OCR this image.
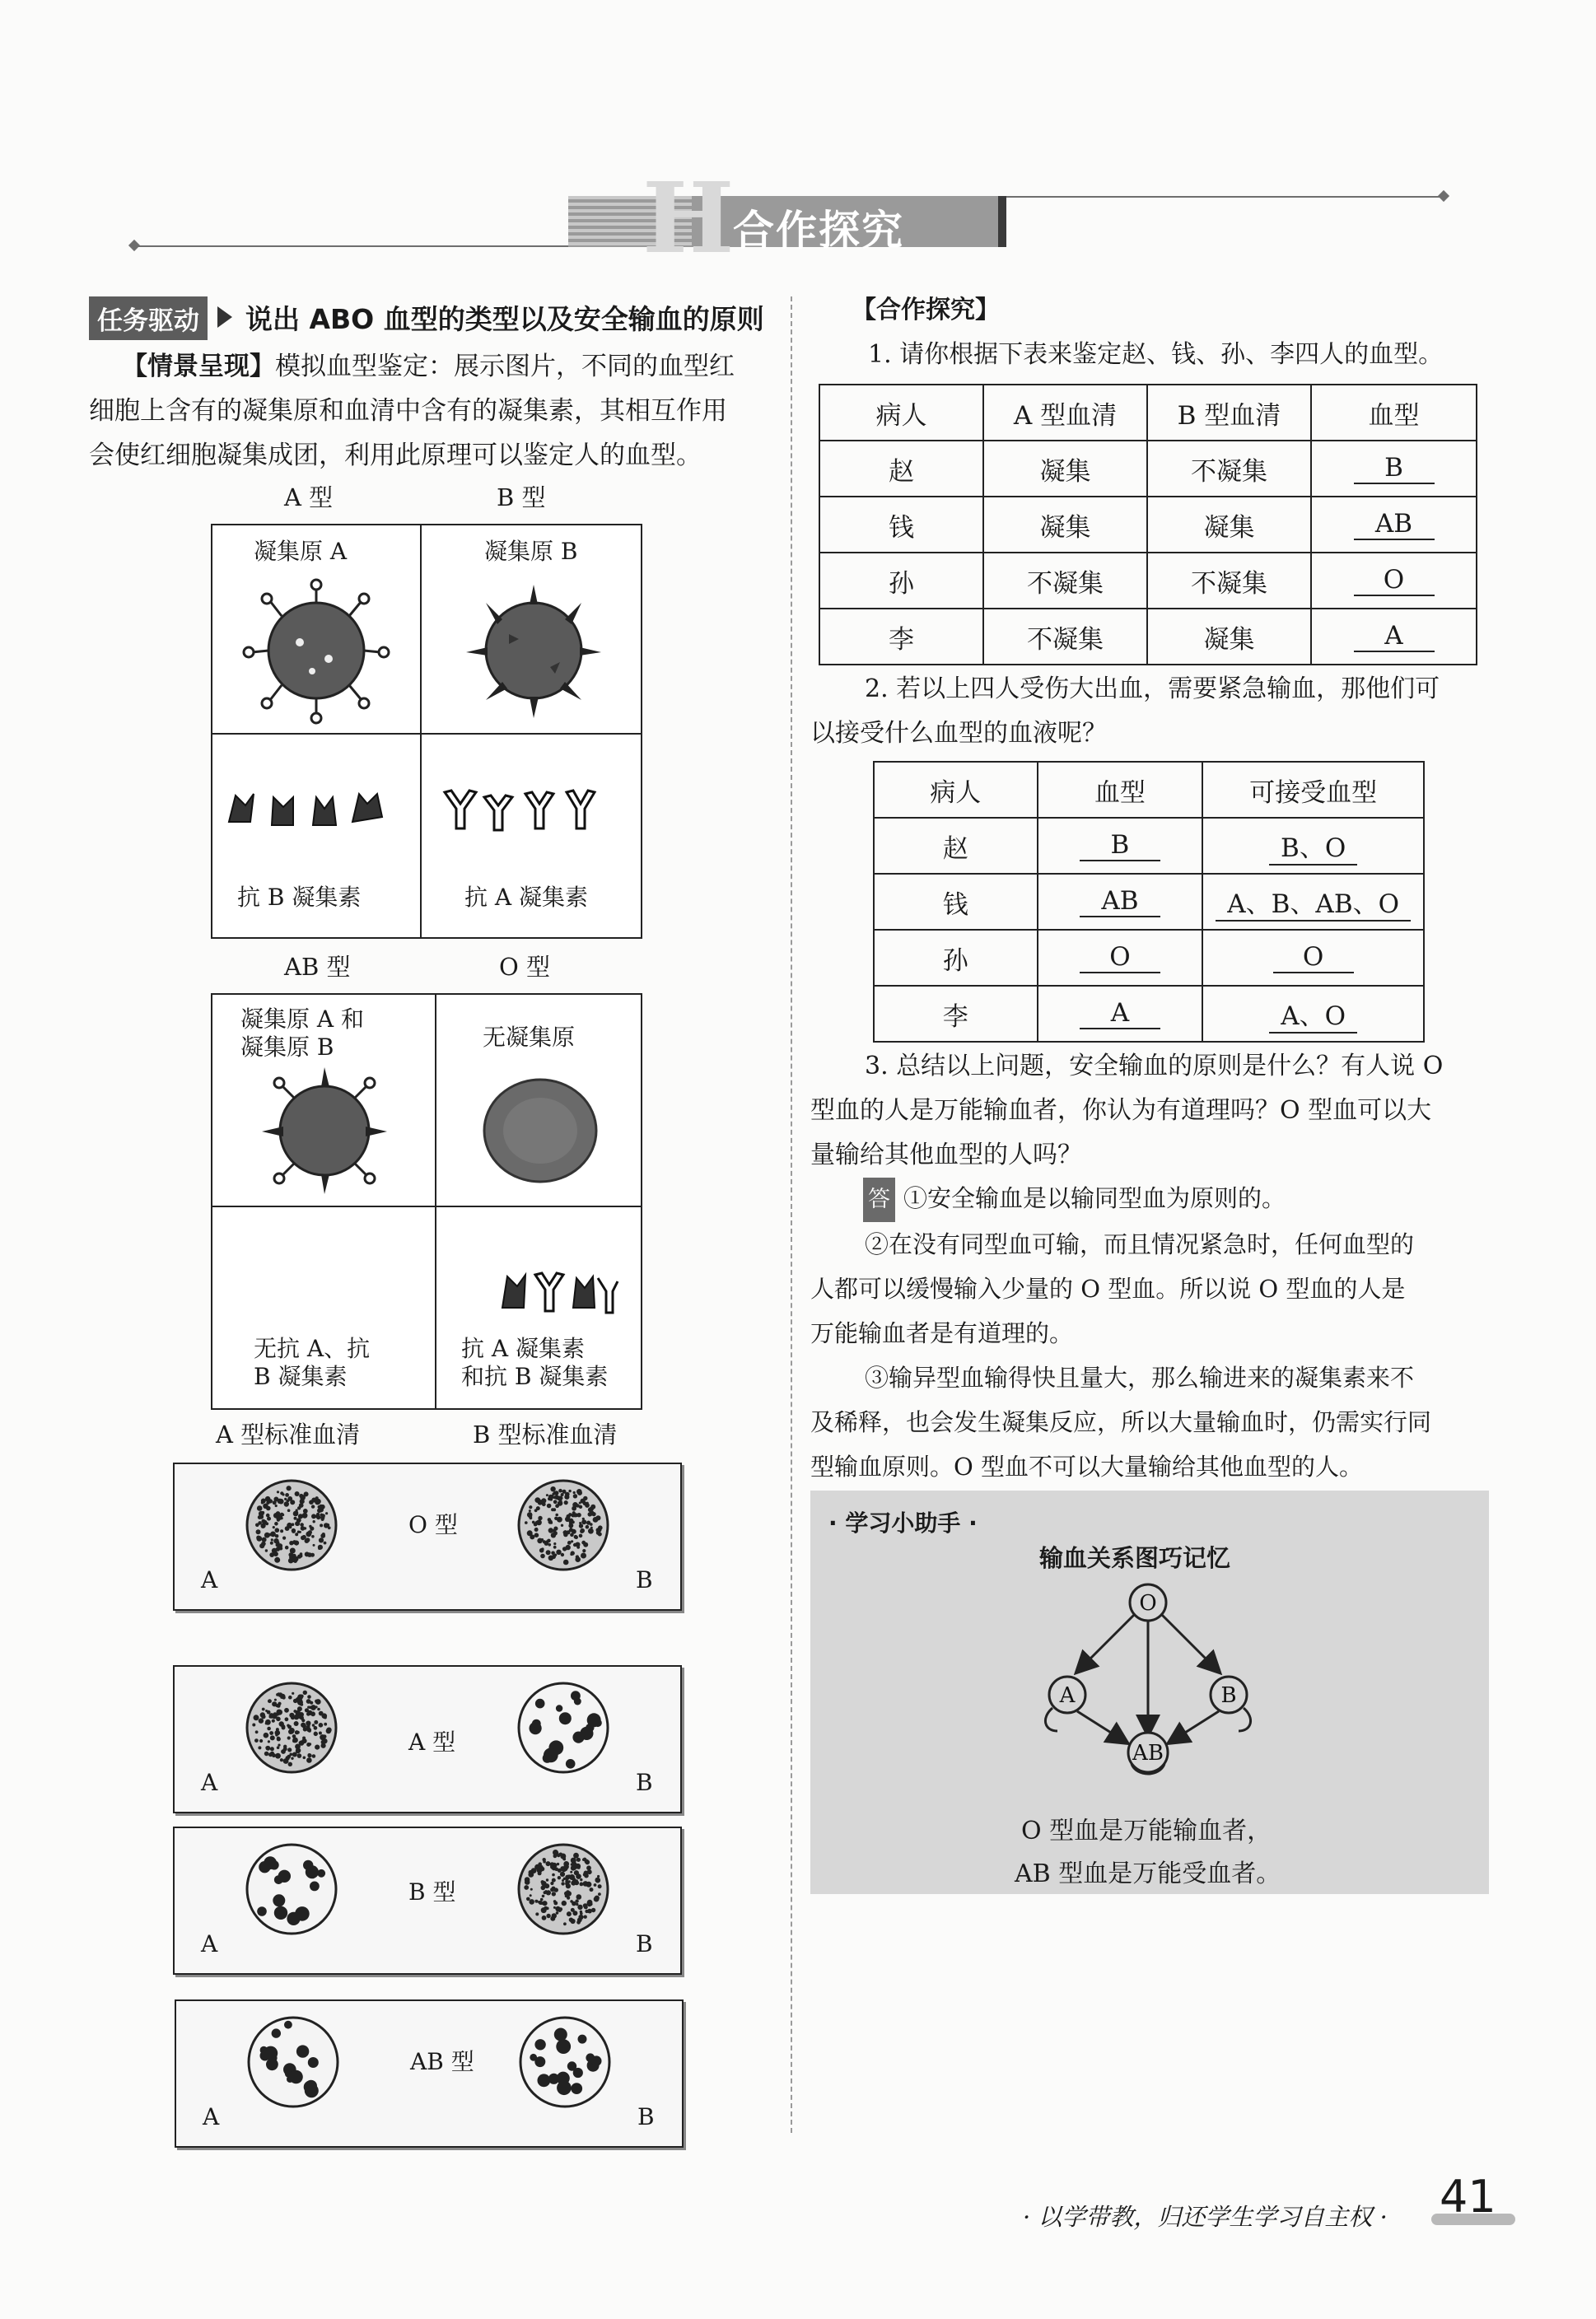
H
合作探究
任务驱动	说出 ABO 血型的类型以及安全输血的原则
【情景呈现】模拟血型鉴定：展示图片，不同的血型红
细胞上含有的凝集原和血清中含有的凝集素，其相互作用
会使红细胞凝集成团，利用此原理可以鉴定人的血型。
A 型	B 型
凝集原 A	凝集原 B
抗 B 凝集素	抗 A 凝集素
AB 型	O 型
凝集原 A 和
凝集原 B	无凝集原
无抗 A、抗
B 凝集素
抗 A 凝集素
和抗 B 凝集素
A 型标准血清	B 型标准血清
O 型
A	B
A 型
A	B
B 型
A	B
AB 型
A	B
【合作探究】
1. 请你根据下表来鉴定赵、钱、孙、李四人的血型。
病人	A 型血清	B 型血清	血型
赵	凝集	不凝集	B
钱	凝集	凝集	AB
孙	不凝集	不凝集	O
李	不凝集	凝集	A
2. 若以上四人受伤大出血，需要紧急输血，那他们可
以接受什么血型的血液呢？
病人	血型	可接受血型
赵	B	B、O
钱	AB	A、B、AB、O
孙	O	O
李	A	A、O
3. 总结以上问题，安全输血的原则是什么？有人说 O
型血的人是万能输血者，你认为有道理吗？O 型血可以大
量输给其他血型的人吗？
答 ①安全输血是以输同型血为原则的。
②在没有同型血可输，而且情况紧急时，任何血型的
人都可以缓慢输入少量的 O 型血。所以说 O 型血的人是
万能输血者是有道理的。
③输异型血输得快且量大，那么输进来的凝集素来不
及稀释，也会发生凝集反应，所以大量输血时，仍需实行同
型输血原则。O 型血不可以大量输给其他血型的人。
· 学习小助手 ·
输血关系图巧记忆
O
A	B
AB
O 型血是万能输血者，
AB 型血是万能受血者。
· 以学带教，归还学生学习自主权 · 41
